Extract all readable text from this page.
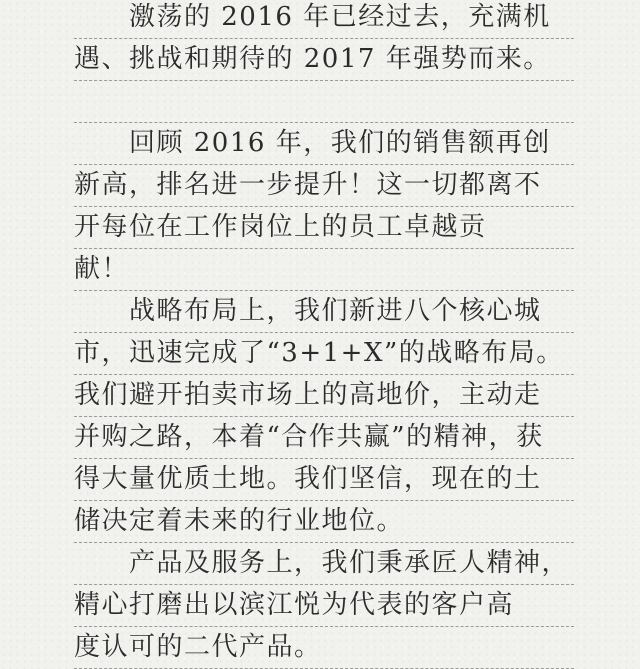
　　激荡的 2016 年已经过去，充满机
遇、挑战和期待的 2017 年强势而来。
　　回顾 2016 年，我们的销售额再创
新高，排名进一步提升！这一切都离不
开每位在工作岗位上的员工卓越贡
献！
　　战略布局上，我们新进八个核心城
市，迅速完成了“3+1+X”的战略布局。
我们避开拍卖市场上的高地价，主动走
并购之路，本着“合作共赢”的精神，获
得大量优质土地。我们坚信，现在的土
储决定着未来的行业地位。
　　产品及服务上，我们秉承匠人精神，
精心打磨出以滨江悦为代表的客户高
度认可的二代产品。
